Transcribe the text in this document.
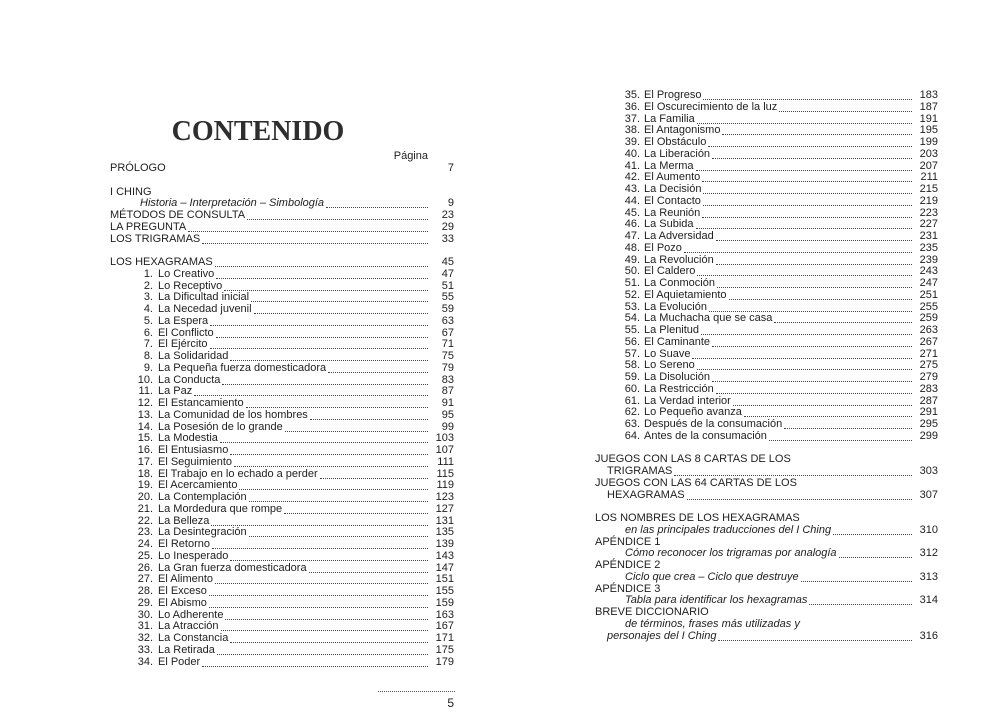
CONTENIDO
Página
PRÓLOGO	7
I CHING
Historia – Interpretación – Simbología	9
MÉTODOS DE CONSULTA	23
LA PREGUNTA	29
LOS TRIGRAMAS	33
LOS HEXAGRAMAS	45
1. Lo Creativo	47
2. Lo Receptivo	51
3. La Dificultad inicial	55
4. La Necedad juvenil	59
5. La Espera	63
6. El Conflicto	67
7. El Ejército	71
8. La Solidaridad	75
9. La Pequeña fuerza domesticadora	79
10. La Conducta	83
11. La Paz	87
12. El Estancamiento	91
13. La Comunidad de los hombres	95
14. La Posesión de lo grande	99
15. La Modestia	103
16. El Entusiasmo	107
17. El Seguimiento	111
18. El Trabajo en lo echado a perder	115
19. El Acercamiento	119
20. La Contemplación	123
21. La Mordedura que rompe	127
22. La Belleza	131
23. La Desintegración	135
24. El Retorno	139
25. Lo Inesperado	143
26. La Gran fuerza domesticadora	147
27. El Alimento	151
28. El Exceso	155
29. El Abismo	159
30. Lo Adherente	163
31. La Atracción	167
32. La Constancia	171
33. La Retirada	175
34. El Poder	179
35. El Progreso	183
36. El Oscurecimiento de la luz	187
37. La Familia	191
38. El Antagonismo	195
39. El Obstáculo	199
40. La Liberación	203
41. La Merma	207
42. El Aumento	211
43. La Decisión	215
44. El Contacto	219
45. La Reunión	223
46. La Subida	227
47. La Adversidad	231
48. El Pozo	235
49. La Revolución	239
50. El Caldero	243
51. La Conmoción	247
52. El Aquietamiento	251
53. La Evolución	255
54. La Muchacha que se casa	259
55. La Plenitud	263
56. El Caminante	267
57. Lo Suave	271
58. Lo Sereno	275
59. La Disolución	279
60. La Restricción	283
61. La Verdad interior	287
62. Lo Pequeño avanza	291
63. Después de la consumación	295
64. Antes de la consumación	299
JUEGOS CON LAS 8 CARTAS DE LOS
TRIGRAMAS	303
JUEGOS CON LAS 64 CARTAS DE LOS
HEXAGRAMAS	307
LOS NOMBRES DE LOS HEXAGRAMAS
en las principales traducciones del I Ching	310
APÉNDICE 1
Cómo reconocer los trigramas por analogía	312
APÉNDICE 2
Ciclo que crea – Ciclo que destruye	313
APÉNDICE 3
Tabla para identificar los hexagramas	314
BREVE DICCIONARIO
de términos, frases más utilizadas y
personajes del I Ching	316
5
